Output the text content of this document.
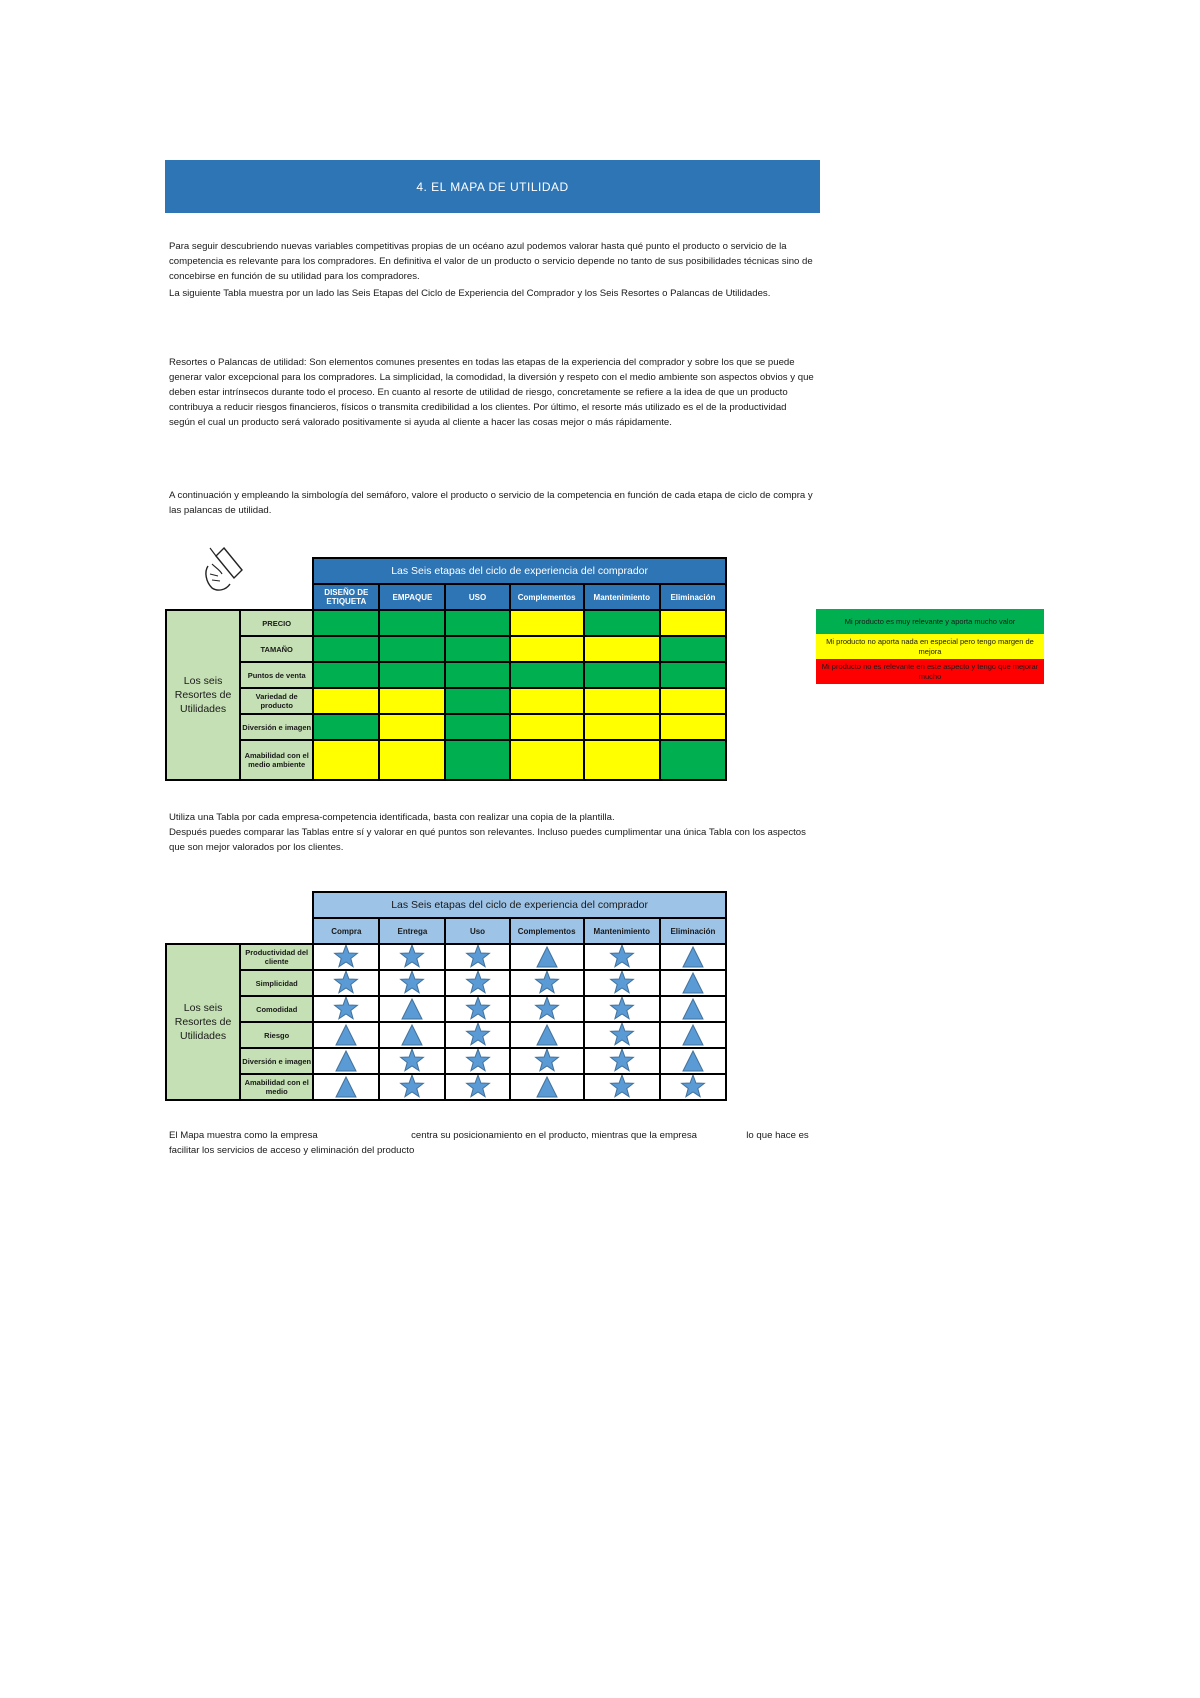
4. EL MAPA DE UTILIDAD

Para seguir descubriendo nuevas variables competitivas propias de un océano azul podemos valorar hasta qué punto el producto o servicio de la competencia es relevante para los compradores. En definitiva el valor de un producto o servicio depende no tanto de sus posibilidades técnicas sino de concebirse en función de su utilidad para los compradores.

La siguiente Tabla muestra por un lado las Seis Etapas del Ciclo de Experiencia del Comprador y los Seis Resortes o Palancas de Utilidades.

Resortes o Palancas de utilidad: Son elementos comunes presentes en todas las etapas de la experiencia del comprador y sobre los que se puede generar valor excepcional para los compradores. La simplicidad, la comodidad, la diversión y respeto con el medio ambiente son aspectos obvios y que deben estar intrínsecos durante todo el proceso. En cuanto al resorte de utilidad de riesgo, concretamente se refiere a la idea de que un producto contribuya a reducir riesgos financieros, físicos o transmita credibilidad a los clientes. Por último, el resorte más utilizado es el de la productividad según el cual un producto será valorado positivamente si ayuda al cliente a hacer las cosas mejor o más rápidamente.

A continuación y empleando la simbología del semáforo, valore el producto o servicio de la competencia en función de cada etapa de ciclo de compra y las palancas de utilidad.

		Las Seis etapas del ciclo de experiencia del comprador					
		DISEÑO DE ETIQUETA	EMPAQUE	USO	Complementos	Mantenimiento	Eliminación
Los seis Resortes de Utilidades	PRECIO						
	TAMAÑO						
	Puntos de venta						
	Variedad de producto						
	Diversión e imagen						
	Amabilidad con el medio ambiente						
Mi producto es muy relevante y aporta mucho valor
Mi producto no aporta nada en especial pero tengo margen de mejora
Mi producto no es relevante en este aspecto y tengo que mejorar mucho

Utiliza una Tabla por cada empresa-competencia identificada, basta con realizar una copia de la plantilla.

Después puedes comparar las Tablas entre sí y valorar en qué puntos son relevantes. Incluso puedes cumplimentar una única Tabla con los aspectos que son mejor valorados por los clientes.

		Las Seis etapas del ciclo de experiencia del comprador					
		Compra	Entrega	Uso	Complementos	Mantenimiento	Eliminación
Los seis Resortes de Utilidades	Productividad del cliente	

	Simplicidad	

	Comodidad	

	Riesgo	

	Diversión e imagen	

	Amabilidad con el medio	

El Mapa muestra como la empresa	centra su posicionamiento en el producto, mientras que la empresa	lo que hace es
facilitar los servicios de acceso y eliminación del producto
